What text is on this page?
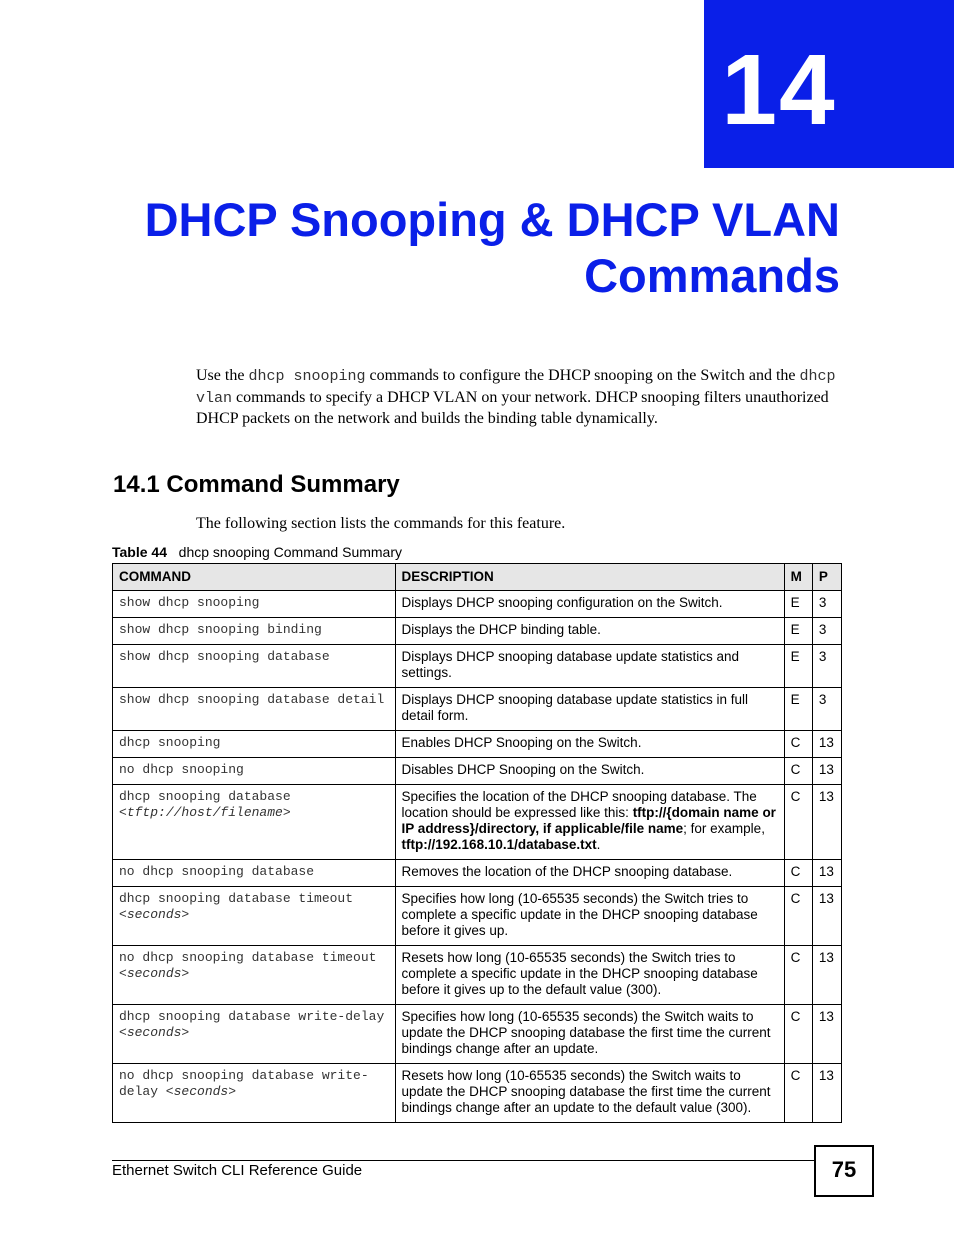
14
DHCP Snooping & DHCP VLAN
Commands
Use the dhcp snooping commands to configure the DHCP snooping on the Switch and the dhcp vlan commands to specify a DHCP VLAN on your network. DHCP snooping filters unauthorized DHCP packets on the network and builds the binding table dynamically.
14.1 Command Summary
The following section lists the commands for this feature.
Table 44 dhcp snooping Command Summary
COMMAND	DESCRIPTION	M	P
show dhcp snooping	Displays DHCP snooping configuration on the Switch.	E	3
show dhcp snooping binding	Displays the DHCP binding table.	E	3
show dhcp snooping database	Displays DHCP snooping database update statistics and settings.	E	3
show dhcp snooping database detail	Displays DHCP snooping database update statistics in full detail form.	E	3
dhcp snooping	Enables DHCP Snooping on the Switch.	C	13
no dhcp snooping	Disables DHCP Snooping on the Switch.	C	13
dhcp snooping database <tftp://host/filename>	Specifies the location of the DHCP snooping database. The location should be expressed like this: tftp://{domain name or IP address}/directory, if applicable/file name; for example, tftp://192.168.10.1/database.txt.	C	13
no dhcp snooping database	Removes the location of the DHCP snooping database.	C	13
dhcp snooping database timeout <seconds>	Specifies how long (10-65535 seconds) the Switch tries to complete a specific update in the DHCP snooping database before it gives up.	C	13
no dhcp snooping database timeout <seconds>	Resets how long (10-65535 seconds) the Switch tries to complete a specific update in the DHCP snooping database before it gives up to the default value (300).	C	13
dhcp snooping database write-delay <seconds>	Specifies how long (10-65535 seconds) the Switch waits to update the DHCP snooping database the first time the current bindings change after an update.	C	13
no dhcp snooping database write-delay <seconds>	Resets how long (10-65535 seconds) the Switch waits to update the DHCP snooping database the first time the current bindings change after an update to the default value (300).	C	13
Ethernet Switch CLI Reference Guide	75
